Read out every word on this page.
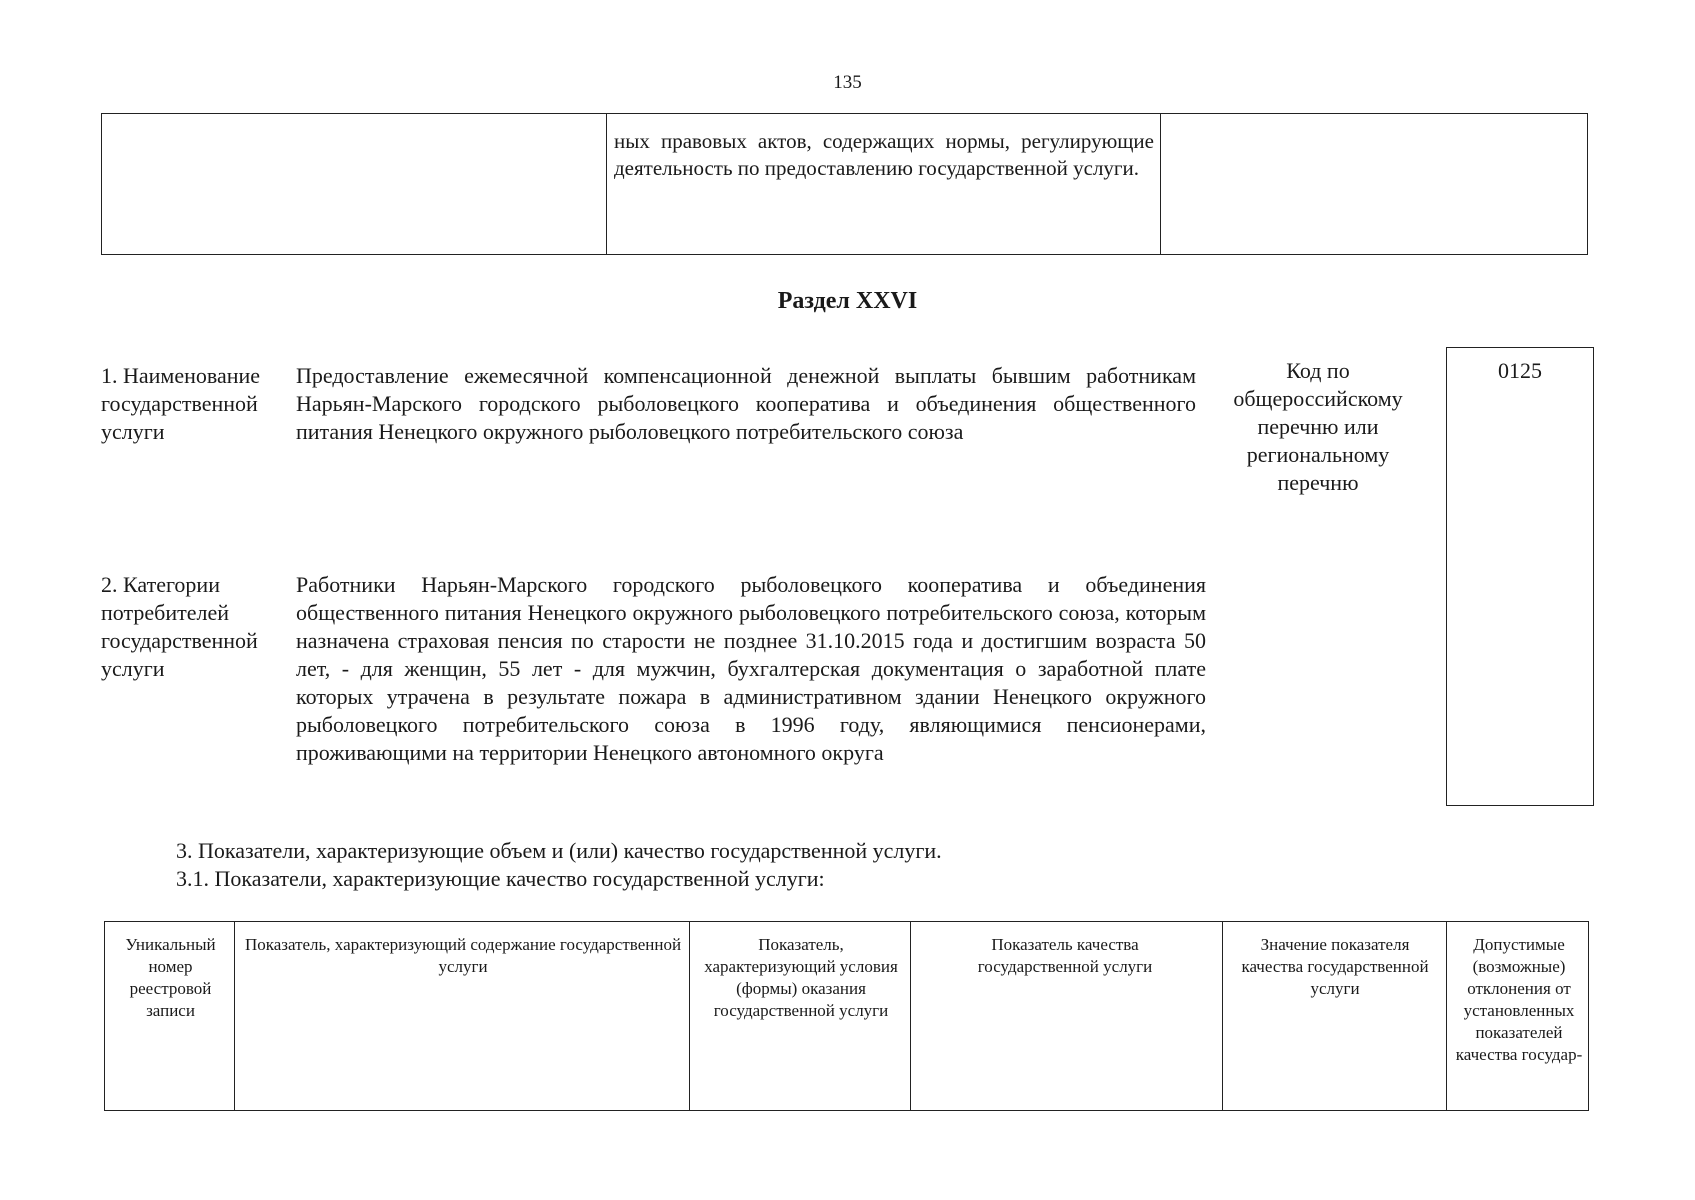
135
ных правовых актов, содержащих нормы, регулирующие деятельность по предоставлению государственной услуги.
Раздел XXVI
1. Наименование государственной услуги
Предоставление ежемесячной компенсационной денежной выплаты бывшим работникам Нарьян-Марского городского рыболовецкого кооператива и объединения общественного питания Ненецкого окружного рыболовецкого потребительского союза
Код по общероссийскому перечню или региональному перечню
0125
2. Категории потребителей государственной услуги
Работники Нарьян-Марского городского рыболовецкого кооператива и объединения общественного питания Ненецкого окружного рыболовецкого потребительского союза, которым назначена страховая пенсия по старости не позднее 31.10.2015 года и достигшим возраста 50 лет, - для женщин, 55 лет - для мужчин, бухгалтерская документация о заработной плате которых утрачена в результате пожара в административном здании Ненецкого окружного рыболовецкого потребительского союза в 1996 году, являющимися пенсионерами, проживающими на территории Ненецкого автономного округа
3. Показатели, характеризующие объем и (или) качество государственной услуги.
3.1. Показатели, характеризующие качество государственной услуги:
Уникальный номер реестровой записи
Показатель, характеризующий содержание государственной услуги
Показатель, характеризующий условия (формы) оказания государственной услуги
Показатель качества государственной услуги
Значение показателя качества государственной услуги
Допустимые (возможные) отклонения от установленных показателей качества государ-
